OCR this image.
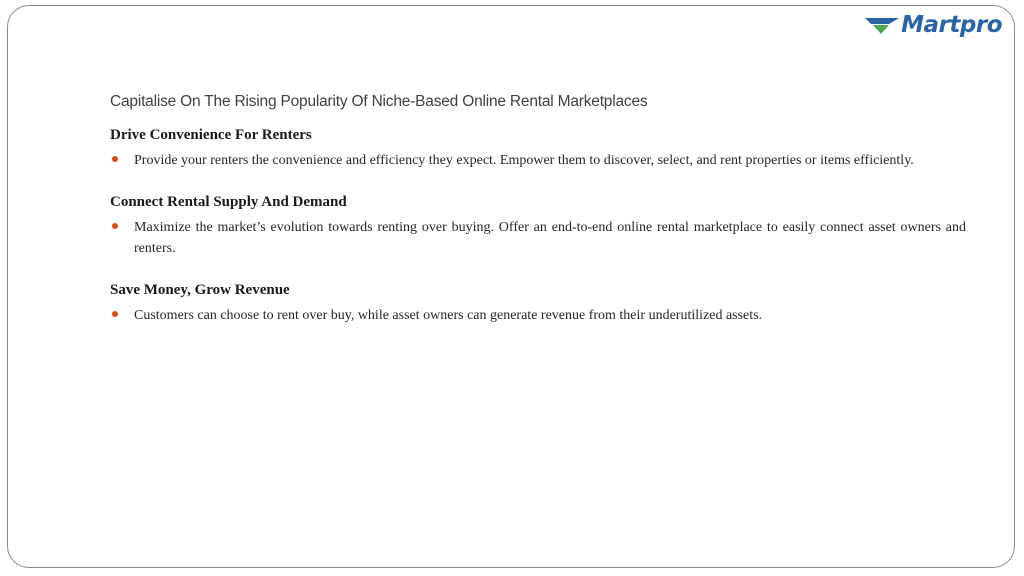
Martpro
Capitalise On The Rising Popularity Of Niche-Based Online Rental Marketplaces
Drive Convenience For Renters
Provide your renters the convenience and efficiency they expect. Empower them to discover, select, and rent properties or items efficiently.
Connect Rental Supply And Demand
Maximize the market’s evolution towards renting over buying. Offer an end-to-end online rental marketplace to easily connect asset owners and renters.
Save Money, Grow Revenue
Customers can choose to rent over buy, while asset owners can generate revenue from their underutilized assets.
